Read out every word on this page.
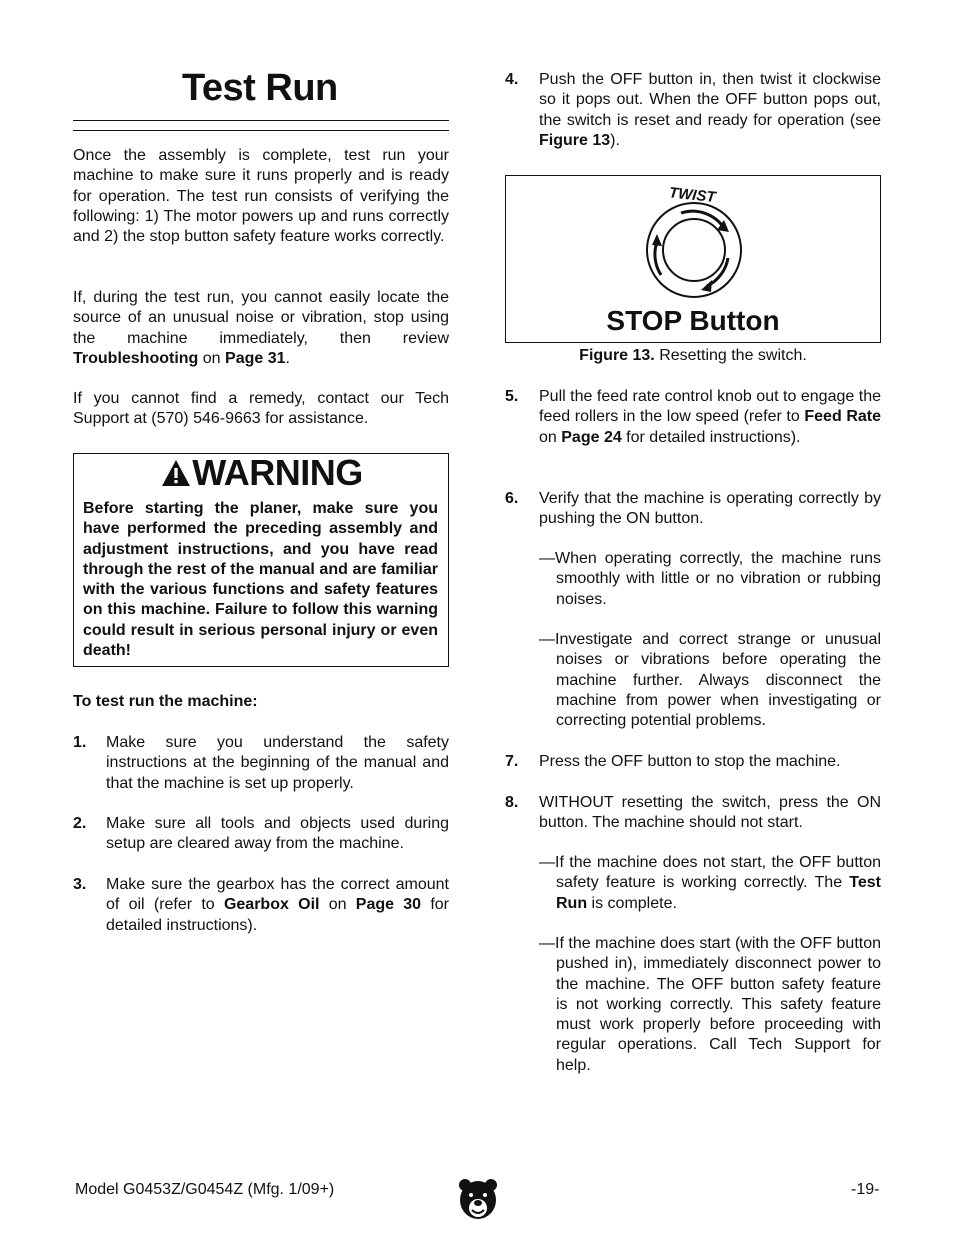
Test Run

Once the assembly is complete, test run your machine to make sure it runs properly and is ready for operation. The test run consists of verifying the following: 1) The motor powers up and runs correctly and 2) the stop button safety feature works correctly.

If, during the test run, you cannot easily locate the source of an unusual noise or vibration, stop using the machine immediately, then review Troubleshooting on Page 31.

If you cannot find a remedy, contact our Tech Support at (570) 546-9663 for assistance.

WARNING

Before starting the planer, make sure you have performed the preceding assembly and adjustment instructions, and you have read through the rest of the manual and are familiar with the various functions and safety features on this machine. Failure to follow this warning could result in serious personal injury or even death!

To test run the machine:

1. Make sure you understand the safety instructions at the beginning of the manual and that the machine is set up properly.

2. Make sure all tools and objects used during setup are cleared away from the machine.

3. Make sure the gearbox has the correct amount of oil (refer to Gearbox Oil on Page 30 for detailed instructions).

4. Push the OFF button in, then twist it clockwise so it pops out. When the OFF button pops out, the switch is reset and ready for operation (see Figure 13).

TWIST
STOP Button
Figure 13. Resetting the switch.
5. Pull the feed rate control knob out to engage the feed rollers in the low speed (refer to Feed Rate on Page 24 for detailed instructions).

6. Verify that the machine is operating correctly by pushing the ON button.

—When operating correctly, the machine runs smoothly with little or no vibration or rubbing noises.

—Investigate and correct strange or unusual noises or vibrations before operating the machine further. Always disconnect the machine from power when investigating or correcting potential problems.

7. Press the OFF button to stop the machine.

8. WITHOUT resetting the switch, press the ON button. The machine should not start.

—If the machine does not start, the OFF button safety feature is working correctly. The Test Run is complete.

—If the machine does start (with the OFF button pushed in), immediately disconnect power to the machine. The OFF button safety feature is not working correctly. This safety feature must work properly before proceeding with regular operations. Call Tech Support for help.

Model G0453Z/G0454Z (Mfg. 1/09+)	-19-
